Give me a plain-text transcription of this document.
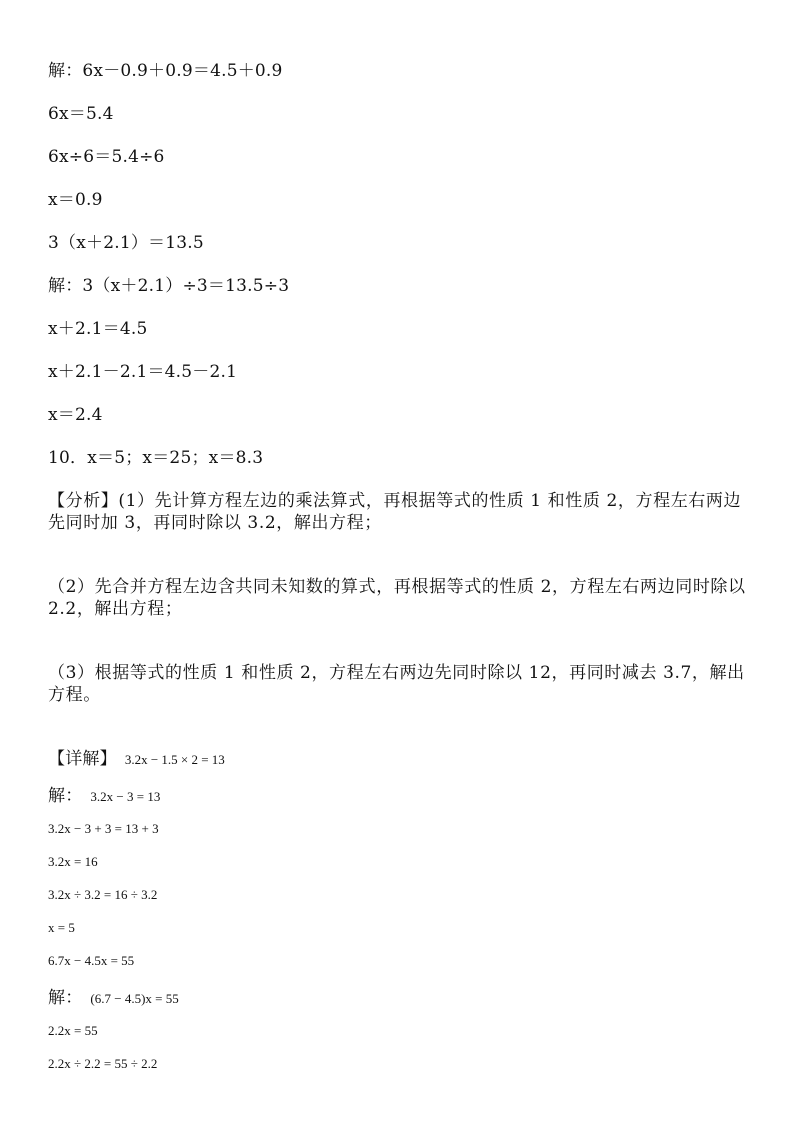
解：6x－0.9＋0.9＝4.5＋0.9
6x＝5.4
6x÷6＝5.4÷6
x＝0.9
3（x＋2.1）＝13.5
解：3（x＋2.1）÷3＝13.5÷3
x＋2.1＝4.5
x＋2.1－2.1＝4.5－2.1
x＝2.4
10．x＝5；x＝25；x＝8.3
【分析】(1）先计算方程左边的乘法算式，再根据等式的性质 1 和性质 2，方程左右两边先同时加 3，再同时除以 3.2，解出方程；
（2）先合并方程左边含共同未知数的算式，再根据等式的性质 2，方程左右两边同时除以 2.2，解出方程；
（3）根据等式的性质 1 和性质 2，方程左右两边先同时除以 12，再同时减去 3.7，解出方程。
【详解】 3.2x − 1.5 × 2 = 13
解： 3.2x − 3 = 13
3.2x − 3 + 3 = 13 + 3
3.2x = 16
3.2x ÷ 3.2 = 16 ÷ 3.2
x = 5
6.7x − 4.5x = 55
解： (6.7 − 4.5)x = 55
2.2x = 55
2.2x ÷ 2.2 = 55 ÷ 2.2
